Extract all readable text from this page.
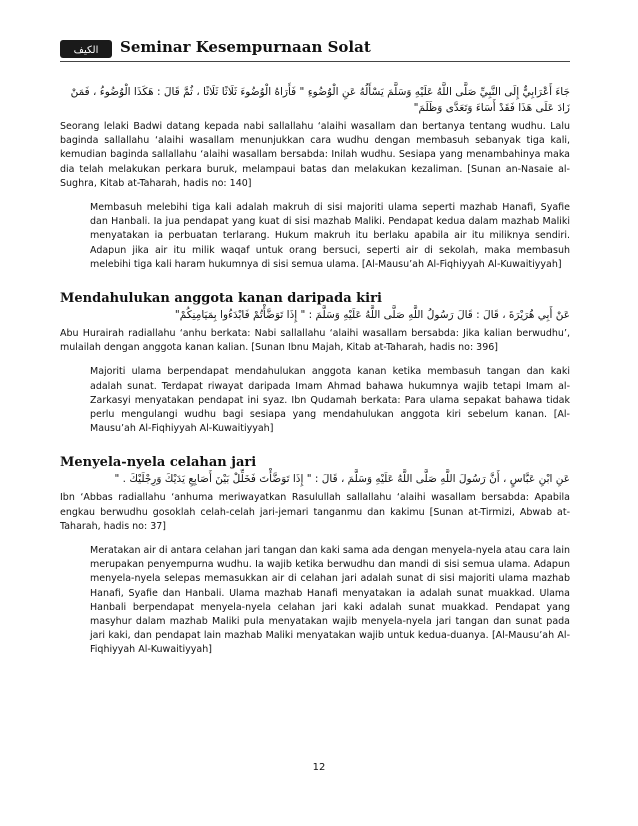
الكيف Seminar Kesempurnaan Solat

جَاءَ أَعْرَابِيٌّ إِلَى النَّبِيِّ صَلَّى اللَّهُ عَلَيْهِ وَسَلَّمَ يَسْأَلُهُ عَنِ الْوُضُوءِ " فَأَرَاهُ الْوُضُوءَ ثَلَاثًا ثَلَاثًا ، ثُمَّ قَالَ : هَكَذَا الْوُضُوءُ ، فَمَنْ زَادَ عَلَى هَذَا فَقَدْ أَسَاءَ وَتَعَدَّى وَظَلَمَ"

Seorang lelaki Badwi datang kepada nabi sallallahu ‘alaihi wasallam dan bertanya tentang wudhu. Lalu baginda sallallahu ‘alaihi wasallam menunjukkan cara wudhu dengan membasuh sebanyak tiga kali, kemudian baginda sallallahu ‘alaihi wasallam bersabda: Inilah wudhu. Sesiapa yang menambahinya maka dia telah melakukan perkara buruk, melampaui batas dan melakukan kezaliman. [Sunan an-Nasaie al-Sughra, Kitab at-Taharah, hadis no: 140]

Membasuh melebihi tiga kali adalah makruh di sisi majoriti ulama seperti mazhab Hanafi, Syafie dan Hanbali. Ia jua pendapat yang kuat di sisi mazhab Maliki. Pendapat kedua dalam mazhab Maliki menyatakan ia perbuatan terlarang. Hukum makruh itu berlaku apabila air itu miliknya sendiri. Adapun jika air itu milik waqaf untuk orang bersuci, seperti air di sekolah, maka membasuh melebihi tiga kali haram hukumnya di sisi semua ulama. [Al-Mausu’ah Al-Fiqhiyyah Al-Kuwaitiyyah]

Mendahulukan anggota kanan daripada kiri

عَنْ أَبِي هُرَيْرَةَ ، قَالَ : قَالَ رَسُولُ اللَّهِ صَلَّى اللَّهُ عَلَيْهِ وَسَلَّمَ : " إِذَا تَوَضَّأْتُمْ فَابْدَءُوا بِمَيَامِنِكُمْ"

Abu Hurairah radiallahu ‘anhu berkata: Nabi sallallahu ‘alaihi wasallam bersabda: Jika kalian berwudhu’, mulailah dengan anggota kanan kalian. [Sunan Ibnu Majah, Kitab at-Taharah, hadis no: 396]

Majoriti ulama berpendapat mendahulukan anggota kanan ketika membasuh tangan dan kaki adalah sunat. Terdapat riwayat daripada Imam Ahmad bahawa hukumnya wajib tetapi Imam al-Zarkasyi menyatakan pendapat ini syaz. Ibn Qudamah berkata: Para ulama sepakat bahawa tidak perlu mengulangi wudhu bagi sesiapa yang mendahulukan anggota kiri sebelum kanan. [Al-Mausu’ah Al-Fiqhiyyah Al-Kuwaitiyyah]

Menyela-nyela celahan jari

عَنِ ابْنِ عَبَّاسٍ ، أَنَّ رَسُولَ اللَّهِ صَلَّى اللَّهُ عَلَيْهِ وَسَلَّمَ ، قَالَ : " إِذَا تَوَضَّأْتَ فَخَلِّلْ بَيْنَ أَصَابِعِ يَدَيْكَ وَرِجْلَيْكَ . "

Ibn ‘Abbas radiallahu ‘anhuma meriwayatkan Rasulullah sallallahu ‘alaihi wasallam bersabda: Apabila engkau berwudhu gosoklah celah-celah jari-jemari tanganmu dan kakimu [Sunan at-Tirmizi, Abwab at-Taharah, hadis no: 37]

Meratakan air di antara celahan jari tangan dan kaki sama ada dengan menyela-nyela atau cara lain merupakan penyempurna wudhu. Ia wajib ketika berwudhu dan mandi di sisi semua ulama. Adapun menyela-nyela selepas memasukkan air di celahan jari adalah sunat di sisi majoriti ulama mazhab Hanafi, Syafie dan Hanbali. Ulama mazhab Hanafi menyatakan ia adalah sunat muakkad. Ulama Hanbali berpendapat menyela-nyela celahan jari kaki adalah sunat muakkad. Pendapat yang masyhur dalam mazhab Maliki pula menyatakan wajib menyela-nyela jari tangan dan sunat pada jari kaki, dan pendapat lain mazhab Maliki menyatakan wajib untuk kedua-duanya. [Al-Mausu’ah Al-Fiqhiyyah Al-Kuwaitiyyah]

12
